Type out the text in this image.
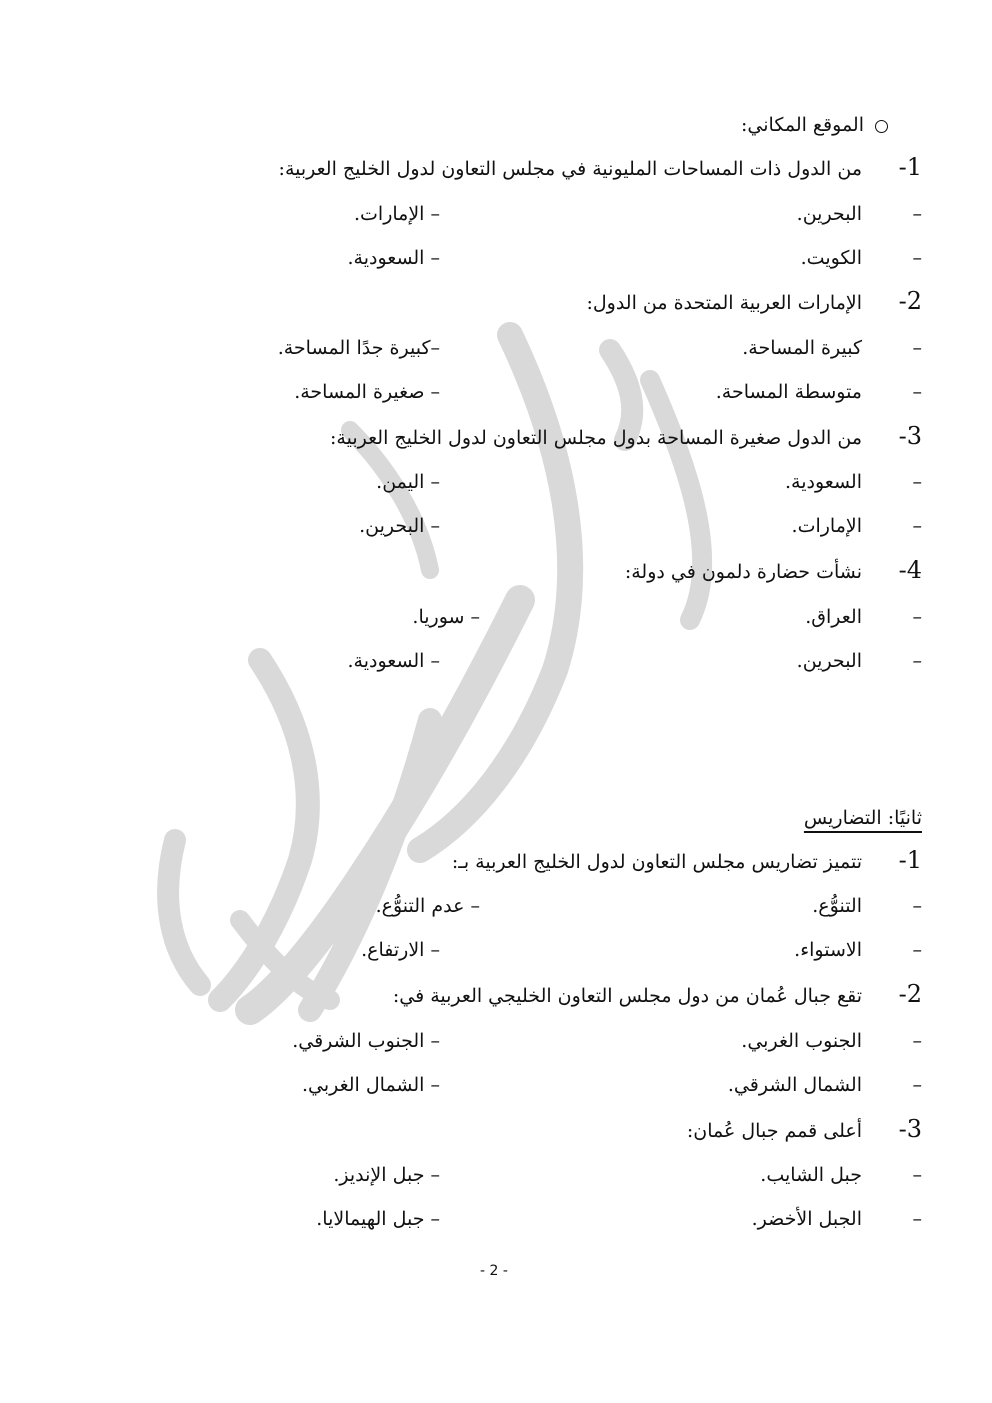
الموقع المكاني:
1-
من الدول ذات المساحات المليونية في مجلس التعاون لدول الخليج العربية:
–
البحرين.
– الإمارات.
–
الكويت.
– السعودية.
2-
الإمارات العربية المتحدة من الدول:
–
كبيرة المساحة.
–كبيرة جدًا المساحة.
–
متوسطة المساحة.
– صغيرة المساحة.
3-
من الدول صغيرة المساحة بدول مجلس التعاون لدول الخليج العربية:
–
السعودية.
– اليمن.
–
الإمارات.
– البحرين.
4-
نشأت حضارة دلمون في دولة:
–
العراق.
– سوريا.
–
البحرين.
– السعودية.
ثانيًا: التضاريس
1-
تتميز تضاريس مجلس التعاون لدول الخليج العربية بـ:
–
التنوُّع.
– عدم التنوُّع.
–
الاستواء.
– الارتفاع.
2-
تقع جبال عُمان من دول مجلس التعاون الخليجي العربية في:
–
الجنوب الغربي.
– الجنوب الشرقي.
–
الشمال الشرقي.
– الشمال الغربي.
3-
أعلى قمم جبال عُمان:
–
جبل الشايب.
– جبل الإنديز.
–
الجبل الأخضر.
– جبل الهيمالايا.
- 2 -
